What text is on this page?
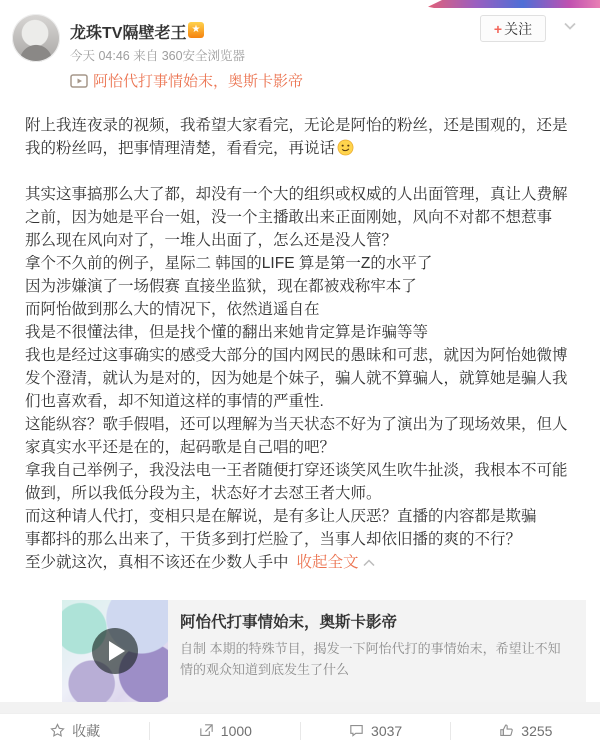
龙珠TV隔壁老王 ★
今天 04:46 来自 360安全浏览器
阿怡代打事情始末，奥斯卡影帝
+ 关注
附上我连夜录的视频，我希望大家看完，无论是阿怡的粉丝，还是围观的，还是
我的粉丝吗，把事情理清楚，看看完，再说话
其实这事搞那么大了都，却没有一个大的组织或权威的人出面管理，真让人费解
之前，因为她是平台一姐，没一个主播敢出来正面刚她，风向不对都不想惹事
那么现在风向对了，一堆人出面了，怎么还是没人管？
拿个不久前的例子，星际二 韩国的LIFE 算是第一Z的水平了
因为涉嫌演了一场假赛 直接坐监狱，现在都被戏称牢本了
而阿怡做到那么大的情况下，依然逍遥自在
我是不很懂法律，但是找个懂的翻出来她肯定算是诈骗等等
我也是经过这事确实的感受大部分的国内网民的愚昧和可悲，就因为阿怡她微博
发个澄清，就认为是对的，因为她是个妹子，骗人就不算骗人，就算她是骗人我
们也喜欢看，却不知道这样的事情的严重性.
这能纵容？歌手假唱，还可以理解为当天状态不好为了演出为了现场效果，但人
家真实水平还是在的，起码歌是自己唱的吧？
拿我自己举例子，我没法电一王者随便打穿还谈笑风生吹牛扯淡，我根本不可能
做到，所以我低分段为主，状态好才去怼王者大师。
而这种请人代打，变相只是在解说，是有多让人厌恶？直播的内容都是欺骗
事都抖的那么出来了，干货多到打烂脸了，当事人却依旧播的爽的不行？
至少就这次，真相不该还在少数人手中 收起全文
阿怡代打事情始末，奥斯卡影帝
自制 本期的特殊节目，揭发一下阿怡代打的事情始末，希望让不知情的观众知道到底发生了什么
收藏	1000	3037	3255
